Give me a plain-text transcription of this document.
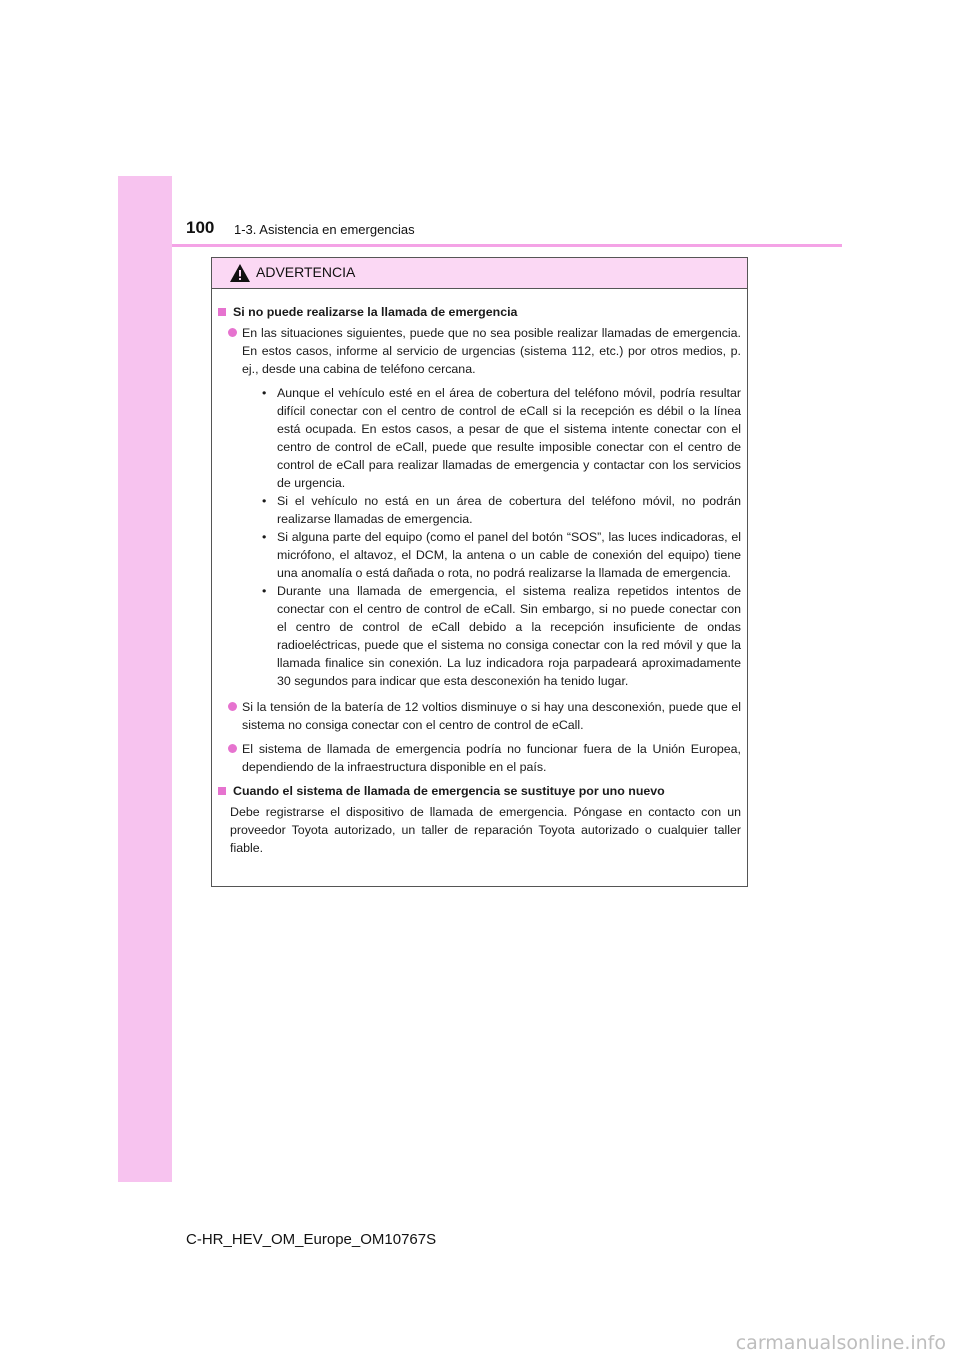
100 1-3. Asistencia en emergencias
ADVERTENCIA
Si no puede realizarse la llamada de emergencia
En las situaciones siguientes, puede que no sea posible realizar llamadas de emergencia. En estos casos, informe al servicio de urgencias (sistema 112, etc.) por otros medios, p. ej., desde una cabina de teléfono cercana.
• Aunque el vehículo esté en el área de cobertura del teléfono móvil, podría resultar difícil conectar con el centro de control de eCall si la recepción es débil o la línea está ocupada. En estos casos, a pesar de que el sistema intente conectar con el centro de control de eCall, puede que resulte imposible conectar con el centro de control de eCall para realizar llamadas de emergencia y contactar con los servicios de urgencia.
• Si el vehículo no está en un área de cobertura del teléfono móvil, no podrán realizarse llamadas de emergencia.
• Si alguna parte del equipo (como el panel del botón “SOS”, las luces indicadoras, el micrófono, el altavoz, el DCM, la antena o un cable de conexión del equipo) tiene una anomalía o está dañada o rota, no podrá realizarse la llamada de emergencia.
• Durante una llamada de emergencia, el sistema realiza repetidos intentos de conectar con el centro de control de eCall. Sin embargo, si no puede conectar con el centro de control de eCall debido a la recepción insuficiente de ondas radioeléctricas, puede que el sistema no consiga conectar con la red móvil y que la llamada finalice sin conexión. La luz indicadora roja parpadeará aproximadamente 30 segundos para indicar que esta desconexión ha tenido lugar.
Si la tensión de la batería de 12 voltios disminuye o si hay una desconexión, puede que el sistema no consiga conectar con el centro de control de eCall.
El sistema de llamada de emergencia podría no funcionar fuera de la Unión Europea, dependiendo de la infraestructura disponible en el país.
Cuando el sistema de llamada de emergencia se sustituye por uno nuevo
Debe registrarse el dispositivo de llamada de emergencia. Póngase en contacto con un proveedor Toyota autorizado, un taller de reparación Toyota autorizado o cualquier taller fiable.
C-HR_HEV_OM_Europe_OM10767S
carmanualsonline.info
